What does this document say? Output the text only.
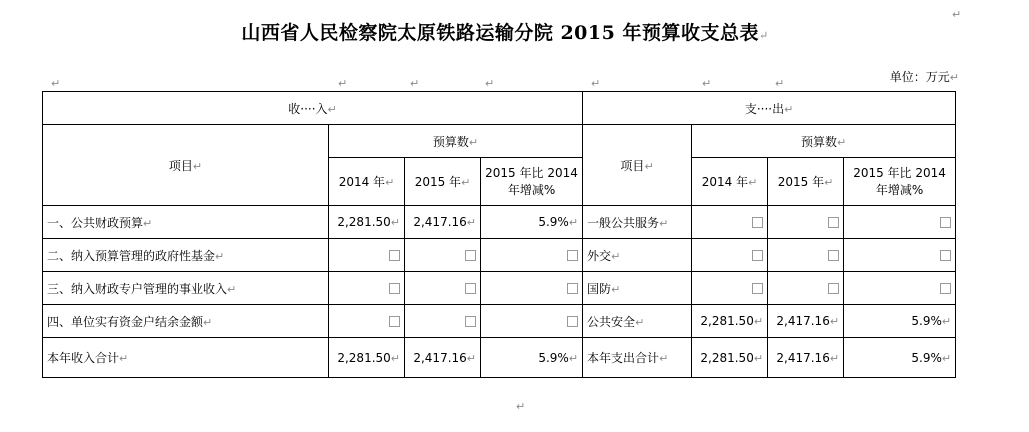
山西省人民检察院太原铁路运输分院 2015 年预算收支总表↵
↵
↵	↵	↵	↵	↵	↵	↵	单位：万元↵
收····入↵				支····出↵			
项目↵	预算数↵			项目↵	预算数↵		
	2014 年↵	2015 年↵	2015 年比 2014 年增减%		2014 年↵	2015 年↵	2015 年比 2014 年增减%
一、公共财政预算↵	2,281.50↵	2,417.16↵	5.9%↵	一般公共服务↵			
二、纳入预算管理的政府性基金↵				外交↵			
三、纳入财政专户管理的事业收入↵				国防↵			
四、单位实有资金户结余金额↵				公共安全↵	2,281.50↵	2,417.16↵	5.9%↵
本年收入合计↵	2,281.50↵	2,417.16↵	5.9%↵	本年支出合计↵	2,281.50↵	2,417.16↵	5.9%↵
↵
